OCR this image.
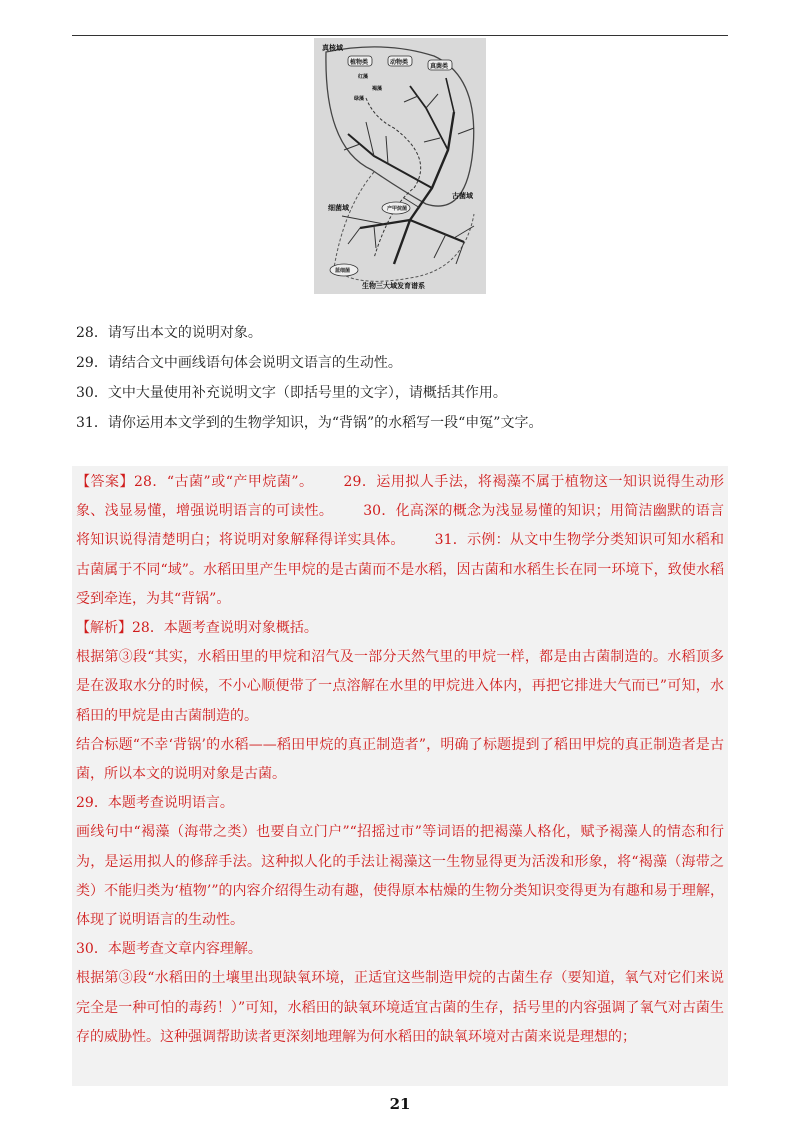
真核域
植物类	动物类
真菌类
红藻
褐藻
绿藻
古菌域
细菌域	产甲烷菌
蓝细菌
生物三大域发育谱系

28．请写出本文的说明对象。

29．请结合文中画线语句体会说明文语言的生动性。

30．文中大量使用补充说明文字（即括号里的文字），请概括其作用。

31．请你运用本文学到的生物学知识，为“背锅”的水稻写一段“申冤”文字。

【答案】28．“古菌”或“产甲烷菌”。 29．运用拟人手法，将褐藻不属于植物这一知识说得生动形象、浅显易懂，增强说明语言的可读性。 30．化高深的概念为浅显易懂的知识；用简洁幽默的语言将知识说得清楚明白；将说明对象解释得详实具体。 31．示例：从文中生物学分类知识可知水稻和古菌属于不同“域”。水稻田里产生甲烷的是古菌而不是水稻，因古菌和水稻生长在同一环境下，致使水稻受到牵连，为其“背锅”。

【解析】28．本题考查说明对象概括。

根据第③段“其实，水稻田里的甲烷和沼气及一部分天然气里的甲烷一样，都是由古菌制造的。水稻顶多是在汲取水分的时候，不小心顺便带了一点溶解在水里的甲烷进入体内，再把它排进大气而已”可知，水稻田的甲烷是由古菌制造的。

结合标题“不幸‘背锅’的水稻——稻田甲烷的真正制造者”，明确了标题提到了稻田甲烷的真正制造者是古菌，所以本文的说明对象是古菌。

29．本题考查说明语言。

画线句中“褐藻（海带之类）也要自立门户”“招摇过市”等词语的把褐藻人格化，赋予褐藻人的情态和行为，是运用拟人的修辞手法。这种拟人化的手法让褐藻这一生物显得更为活泼和形象，将“褐藻（海带之类）不能归类为‘植物’”的内容介绍得生动有趣，使得原本枯燥的生物分类知识变得更为有趣和易于理解，体现了说明语言的生动性。

30．本题考查文章内容理解。

根据第③段“水稻田的土壤里出现缺氧环境，正适宜这些制造甲烷的古菌生存（要知道，氧气对它们来说完全是一种可怕的毒药！）”可知，水稻田的缺氧环境适宜古菌的生存，括号里的内容强调了氧气对古菌生存的威胁性。这种强调帮助读者更深刻地理解为何水稻田的缺氧环境对古菌来说是理想的；

21
